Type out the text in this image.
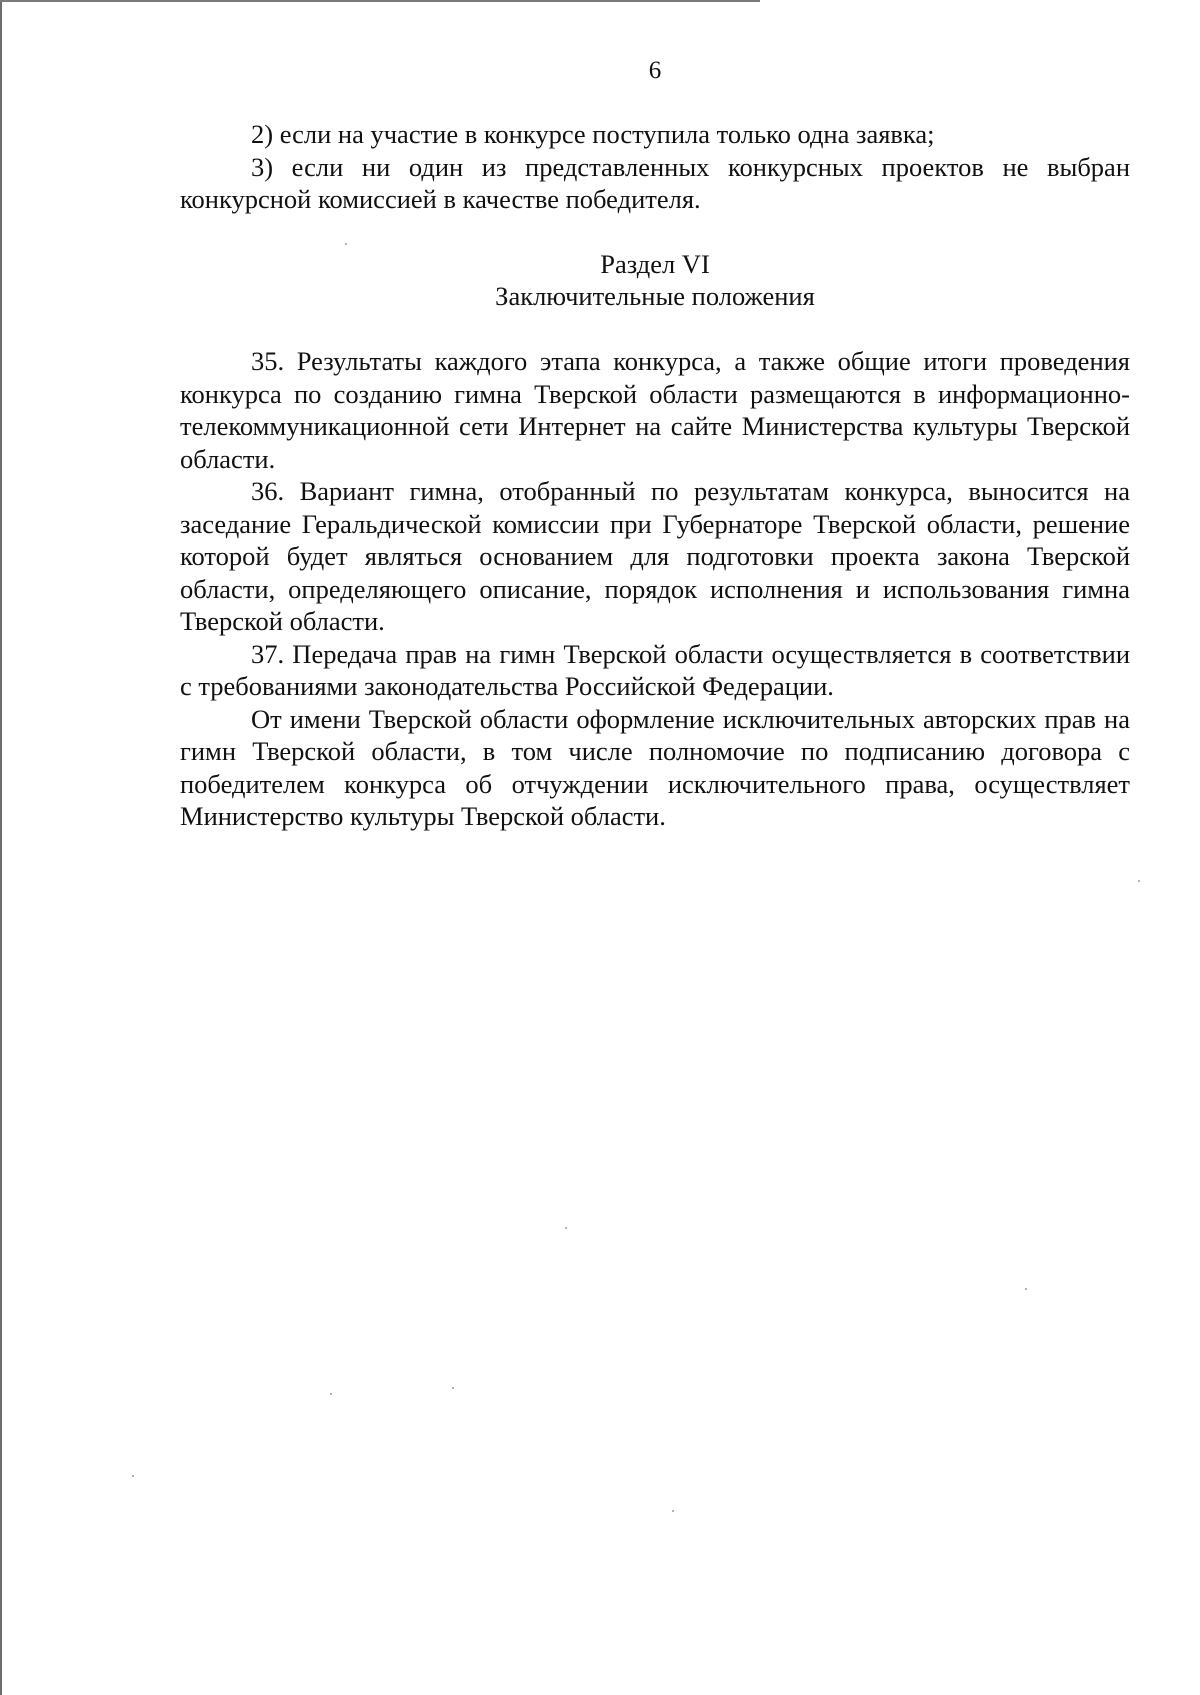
6

2) если на участие в конкурсе поступила только одна заявка;

3) если ни один из представленных конкурсных проектов не выбран конкурсной комиссией в качестве победителя.

Раздел VI
Заключительные положения

35. Результаты каждого этапа конкурса, а также общие итоги проведения конкурса по созданию гимна Тверской области размещаются в информационно-телекоммуникационной сети Интернет на сайте Министерства культуры Тверской области.

36. Вариант гимна, отобранный по результатам конкурса, выносится на заседание Геральдической комиссии при Губернаторе Тверской области, решение которой будет являться основанием для подготовки проекта закона Тверской области, определяющего описание, порядок исполнения и использования гимна Тверской области.

37. Передача прав на гимн Тверской области осуществляется в соответствии с требованиями законодательства Российской Федерации.

От имени Тверской области оформление исключительных авторских прав на гимн Тверской области, в том числе полномочие по подписанию договора с победителем конкурса об отчуждении исключительного права, осуществляет Министерство культуры Тверской области.
